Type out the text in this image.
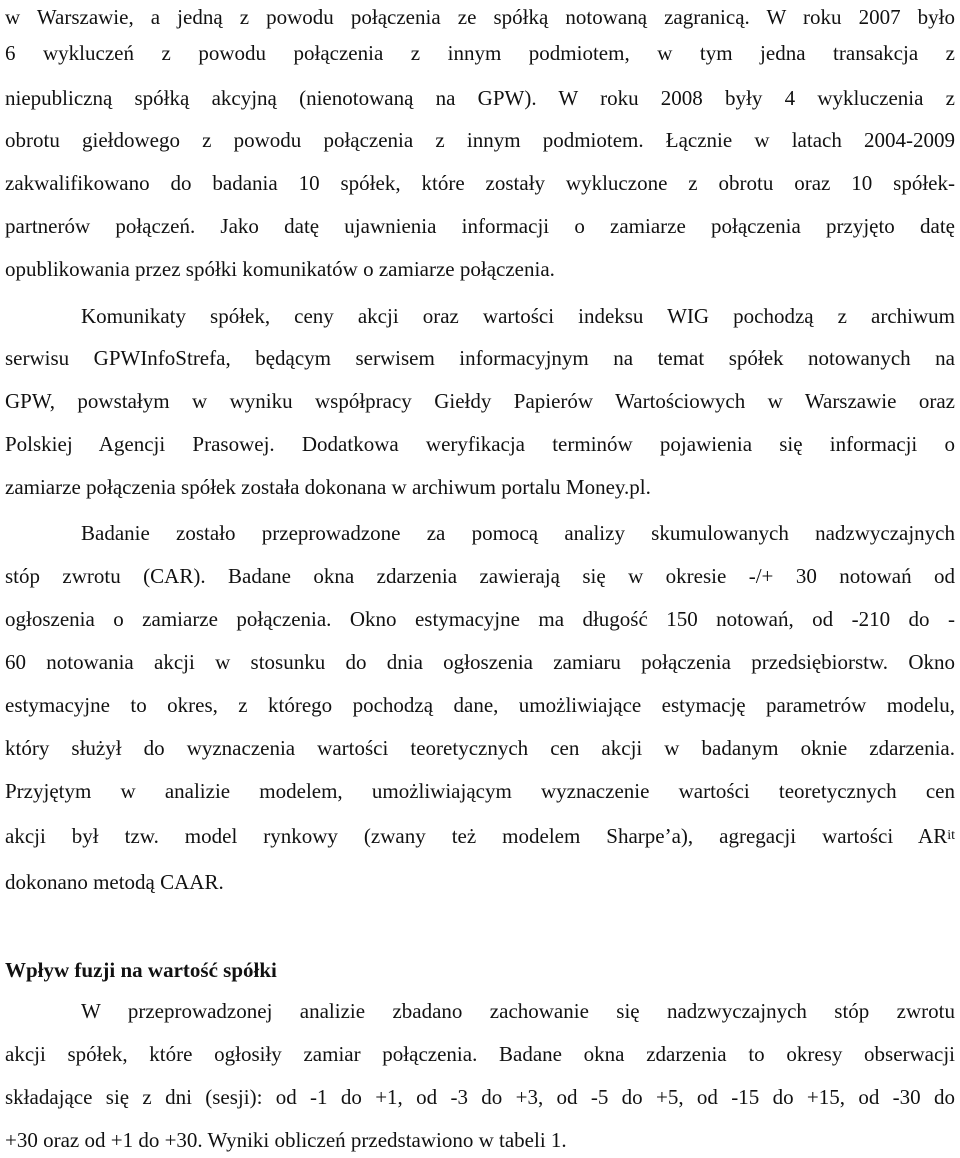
w Warszawie, a jedną z powodu połączenia ze spółką notowaną zagranicą. W roku 2007 było
6 wykluczeń z powodu połączenia z innym podmiotem, w tym jedna transakcja z
niepubliczną spółką akcyjną (nienotowaną na GPW). W roku 2008 były 4 wykluczenia z
obrotu giełdowego z powodu połączenia z innym podmiotem. Łącznie w latach 2004-2009
zakwalifikowano do badania 10 spółek, które zostały wykluczone z obrotu oraz 10 spółek-
partnerów połączeń. Jako datę ujawnienia informacji o zamiarze połączenia przyjęto datę
opublikowania przez spółki komunikatów o zamiarze połączenia.
Komunikaty spółek, ceny akcji oraz wartości indeksu WIG pochodzą z archiwum
serwisu GPWInfoStrefa, będącym serwisem informacyjnym na temat spółek notowanych na
GPW, powstałym w wyniku współpracy Giełdy Papierów Wartościowych w Warszawie oraz
Polskiej Agencji Prasowej. Dodatkowa weryfikacja terminów pojawienia się informacji o
zamiarze połączenia spółek została dokonana w archiwum portalu Money.pl.
Badanie zostało przeprowadzone za pomocą analizy skumulowanych nadzwyczajnych
stóp zwrotu (CAR). Badane okna zdarzenia zawierają się w okresie -/+ 30 notowań od
ogłoszenia o zamiarze połączenia. Okno estymacyjne ma długość 150 notowań, od -210 do -
60 notowania akcji w stosunku do dnia ogłoszenia zamiaru połączenia przedsiębiorstw. Okno
estymacyjne to okres, z którego pochodzą dane, umożliwiające estymację parametrów modelu,
który służył do wyznaczenia wartości teoretycznych cen akcji w badanym oknie zdarzenia.
Przyjętym w analizie modelem, umożliwiającym wyznaczenie wartości teoretycznych cen
akcji był tzw. model rynkowy (zwany też modelem Sharpe’a), agregacji wartości AR it
dokonano metodą CAAR.
Wpływ fuzji na wartość spółki
W przeprowadzonej analizie zbadano zachowanie się nadzwyczajnych stóp zwrotu
akcji spółek, które ogłosiły zamiar połączenia. Badane okna zdarzenia to okresy obserwacji
składające się z dni (sesji): od -1 do +1, od -3 do +3, od -5 do +5, od -15 do +15, od -30 do
+30 oraz od +1 do +30. Wyniki obliczeń przedstawiono w tabeli 1.
